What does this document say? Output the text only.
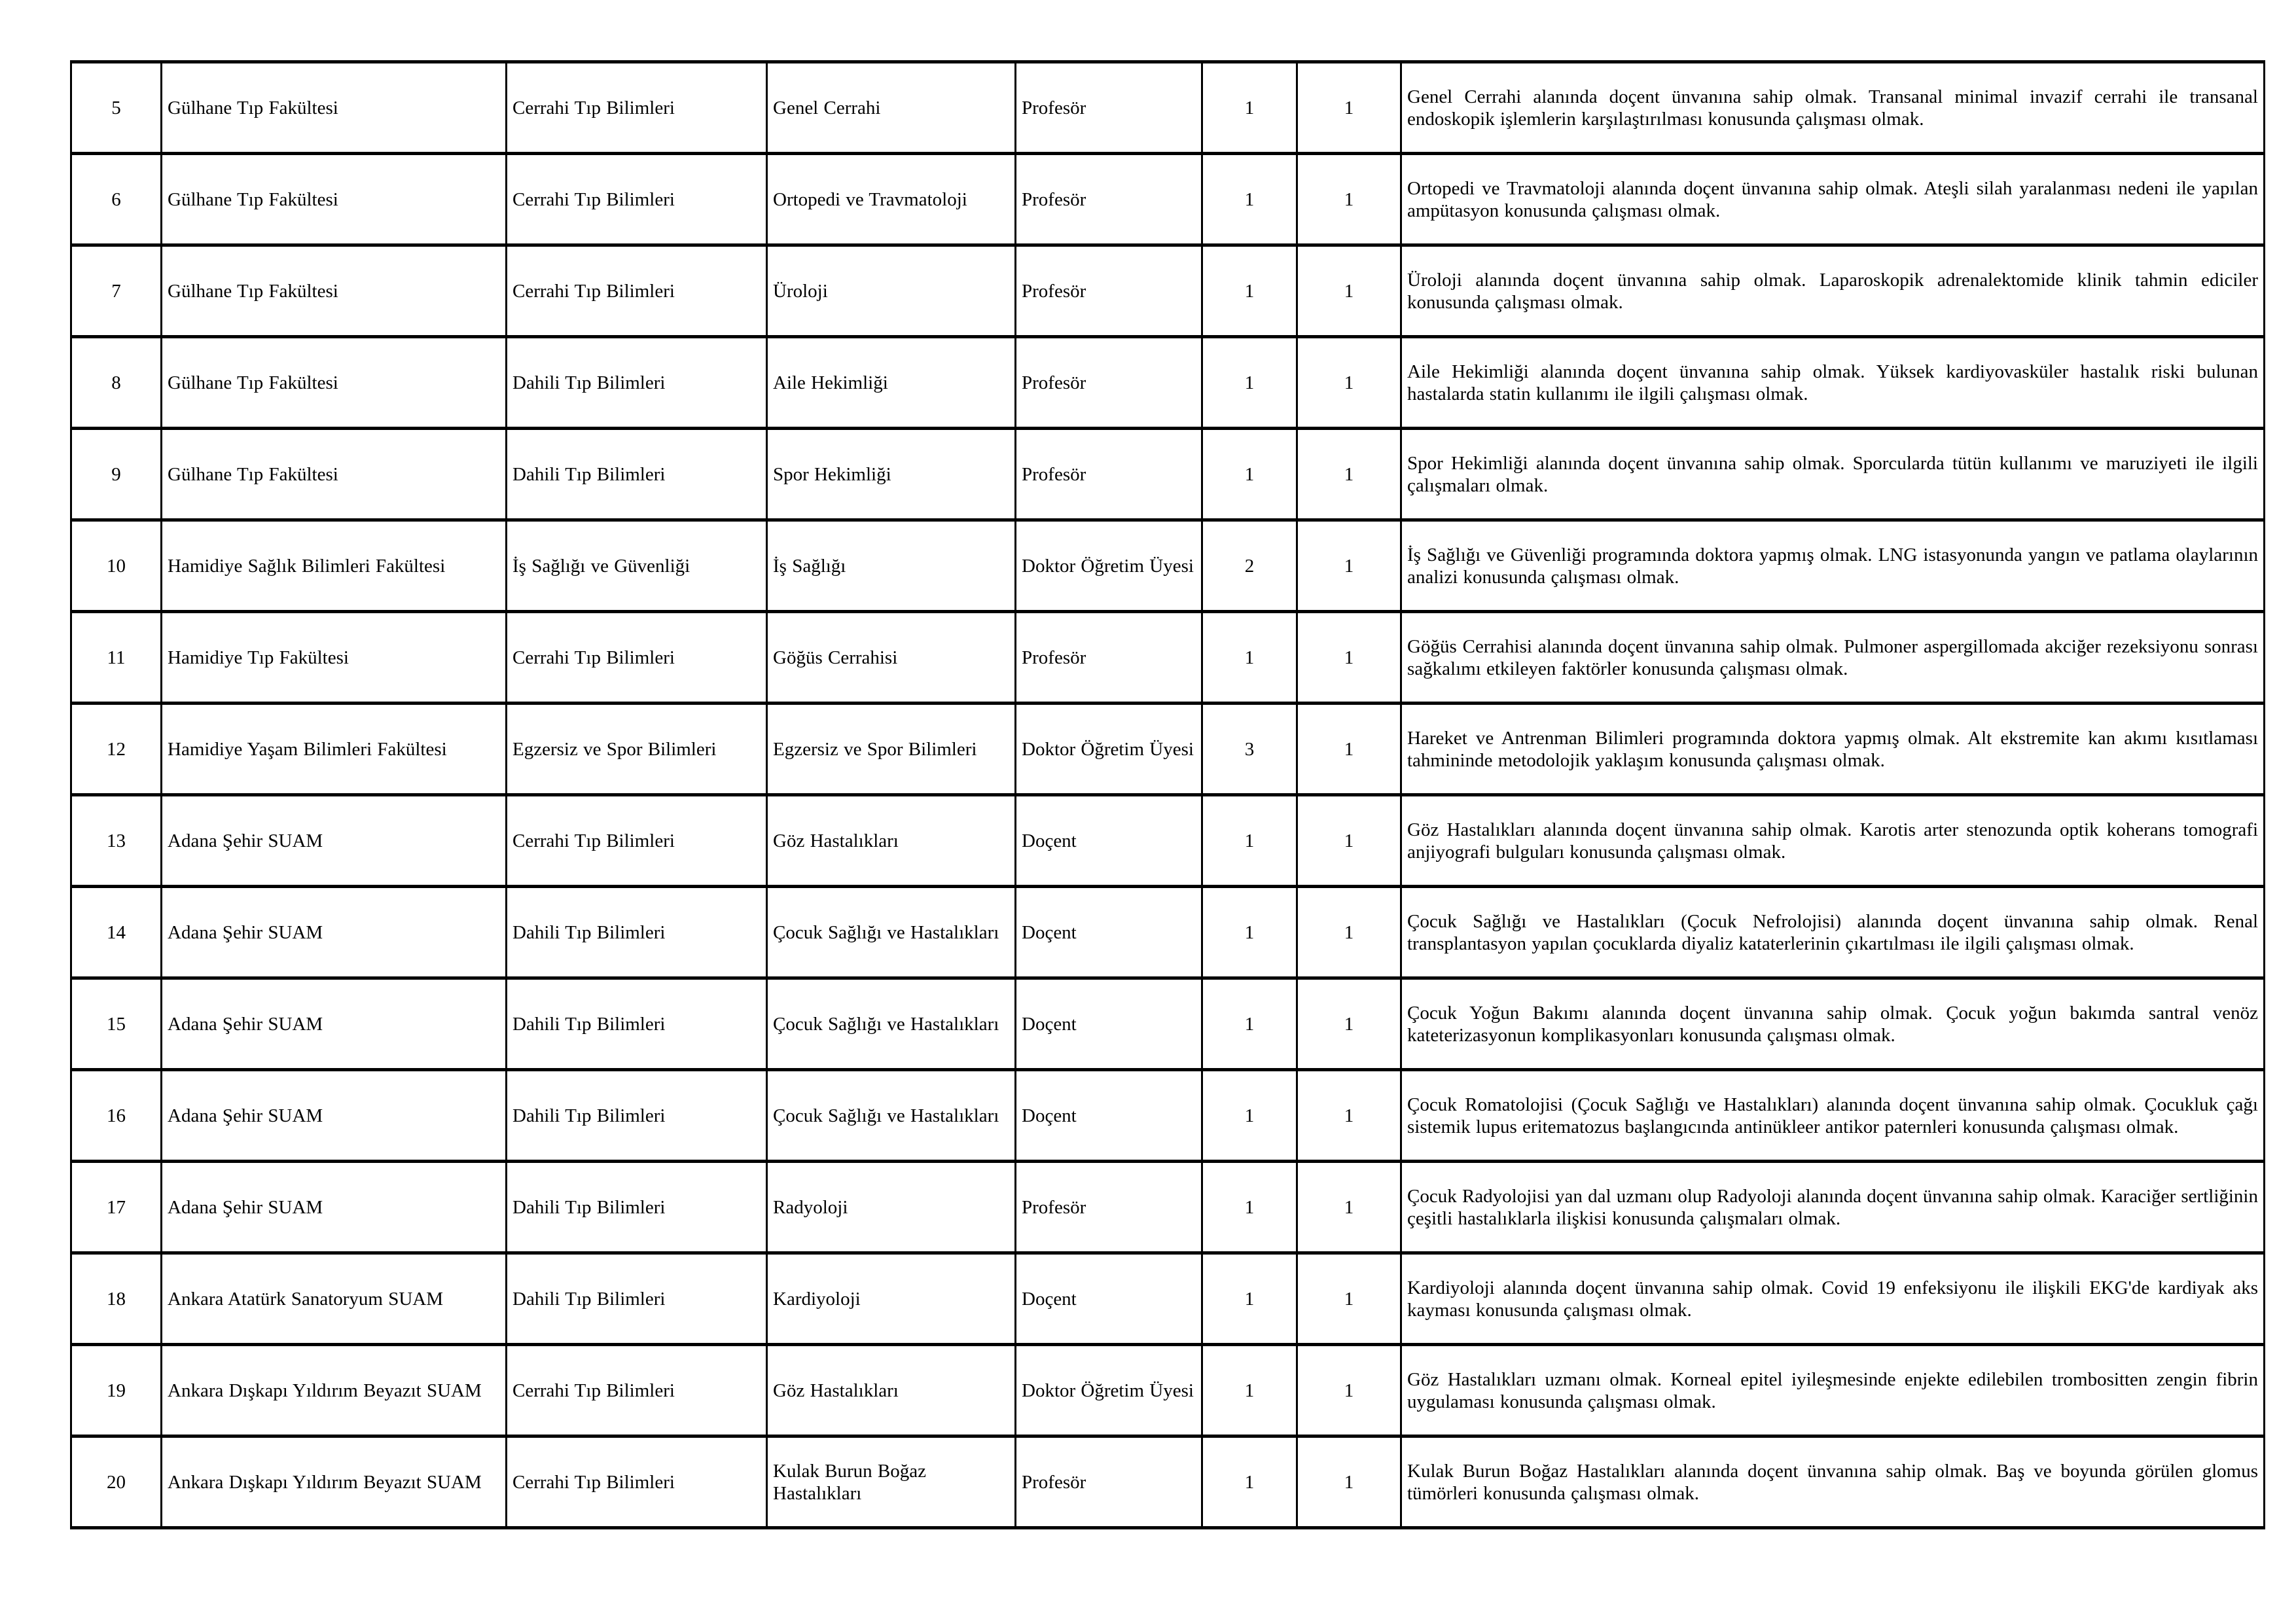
5	Gülhane Tıp Fakültesi	Cerrahi Tıp Bilimleri	Genel Cerrahi	Profesör	1	1	Genel Cerrahi alanında doçent ünvanına sahip olmak. Transanal minimal invazif cerrahi ile transanal endoskopik işlemlerin karşılaştırılması konusunda çalışması olmak.
6	Gülhane Tıp Fakültesi	Cerrahi Tıp Bilimleri	Ortopedi ve Travmatoloji	Profesör	1	1	Ortopedi ve Travmatoloji alanında doçent ünvanına sahip olmak. Ateşli silah yaralanması nedeni ile yapılan ampütasyon konusunda çalışması olmak.
7	Gülhane Tıp Fakültesi	Cerrahi Tıp Bilimleri	Üroloji	Profesör	1	1	Üroloji alanında doçent ünvanına sahip olmak. Laparoskopik adrenalektomide klinik tahmin ediciler konusunda çalışması olmak.
8	Gülhane Tıp Fakültesi	Dahili Tıp Bilimleri	Aile Hekimliği	Profesör	1	1	Aile Hekimliği alanında doçent ünvanına sahip olmak. Yüksek kardiyovasküler hastalık riski bulunan hastalarda statin kullanımı ile ilgili çalışması olmak.
9	Gülhane Tıp Fakültesi	Dahili Tıp Bilimleri	Spor Hekimliği	Profesör	1	1	Spor Hekimliği alanında doçent ünvanına sahip olmak. Sporcularda tütün kullanımı ve maruziyeti ile ilgili çalışmaları olmak.
10	Hamidiye Sağlık Bilimleri Fakültesi	İş Sağlığı ve Güvenliği	İş Sağlığı	Doktor Öğretim Üyesi	2	1	İş Sağlığı ve Güvenliği programında doktora yapmış olmak. LNG istasyonunda yangın ve patlama olaylarının analizi konusunda çalışması olmak.
11	Hamidiye Tıp Fakültesi	Cerrahi Tıp Bilimleri	Göğüs Cerrahisi	Profesör	1	1	Göğüs Cerrahisi alanında doçent ünvanına sahip olmak. Pulmoner aspergillomada akciğer rezeksiyonu sonrası sağkalımı etkileyen faktörler konusunda çalışması olmak.
12	Hamidiye Yaşam Bilimleri Fakültesi	Egzersiz ve Spor Bilimleri	Egzersiz ve Spor Bilimleri	Doktor Öğretim Üyesi	3	1	Hareket ve Antrenman Bilimleri programında doktora yapmış olmak. Alt ekstremite kan akımı kısıtlaması tahmininde metodolojik yaklaşım konusunda çalışması olmak.
13	Adana Şehir SUAM	Cerrahi Tıp Bilimleri	Göz Hastalıkları	Doçent	1	1	Göz Hastalıkları alanında doçent ünvanına sahip olmak. Karotis arter stenozunda optik koherans tomografi anjiyografi bulguları konusunda çalışması olmak.
14	Adana Şehir SUAM	Dahili Tıp Bilimleri	Çocuk Sağlığı ve Hastalıkları	Doçent	1	1	Çocuk Sağlığı ve Hastalıkları (Çocuk Nefrolojisi) alanında doçent ünvanına sahip olmak. Renal transplantasyon yapılan çocuklarda diyaliz kataterlerinin çıkartılması ile ilgili çalışması olmak.
15	Adana Şehir SUAM	Dahili Tıp Bilimleri	Çocuk Sağlığı ve Hastalıkları	Doçent	1	1	Çocuk Yoğun Bakımı alanında doçent ünvanına sahip olmak. Çocuk yoğun bakımda santral venöz kateterizasyonun komplikasyonları konusunda çalışması olmak.
16	Adana Şehir SUAM	Dahili Tıp Bilimleri	Çocuk Sağlığı ve Hastalıkları	Doçent	1	1	Çocuk Romatolojisi (Çocuk Sağlığı ve Hastalıkları) alanında doçent ünvanına sahip olmak. Çocukluk çağı sistemik lupus eritematozus başlangıcında antinükleer antikor paternleri konusunda çalışması olmak.
17	Adana Şehir SUAM	Dahili Tıp Bilimleri	Radyoloji	Profesör	1	1	Çocuk Radyolojisi yan dal uzmanı olup Radyoloji alanında doçent ünvanına sahip olmak. Karaciğer sertliğinin çeşitli hastalıklarla ilişkisi konusunda çalışmaları olmak.
18	Ankara Atatürk Sanatoryum SUAM	Dahili Tıp Bilimleri	Kardiyoloji	Doçent	1	1	Kardiyoloji alanında doçent ünvanına sahip olmak. Covid 19 enfeksiyonu ile ilişkili EKG'de kardiyak aks kayması konusunda çalışması olmak.
19	Ankara Dışkapı Yıldırım Beyazıt SUAM	Cerrahi Tıp Bilimleri	Göz Hastalıkları	Doktor Öğretim Üyesi	1	1	Göz Hastalıkları uzmanı olmak. Korneal epitel iyileşmesinde enjekte edilebilen trombositten zengin fibrin uygulaması konusunda çalışması olmak.
20	Ankara Dışkapı Yıldırım Beyazıt SUAM	Cerrahi Tıp Bilimleri	Kulak Burun Boğaz Hastalıkları	Profesör	1	1	Kulak Burun Boğaz Hastalıkları alanında doçent ünvanına sahip olmak. Baş ve boyunda görülen glomus tümörleri konusunda çalışması olmak.
